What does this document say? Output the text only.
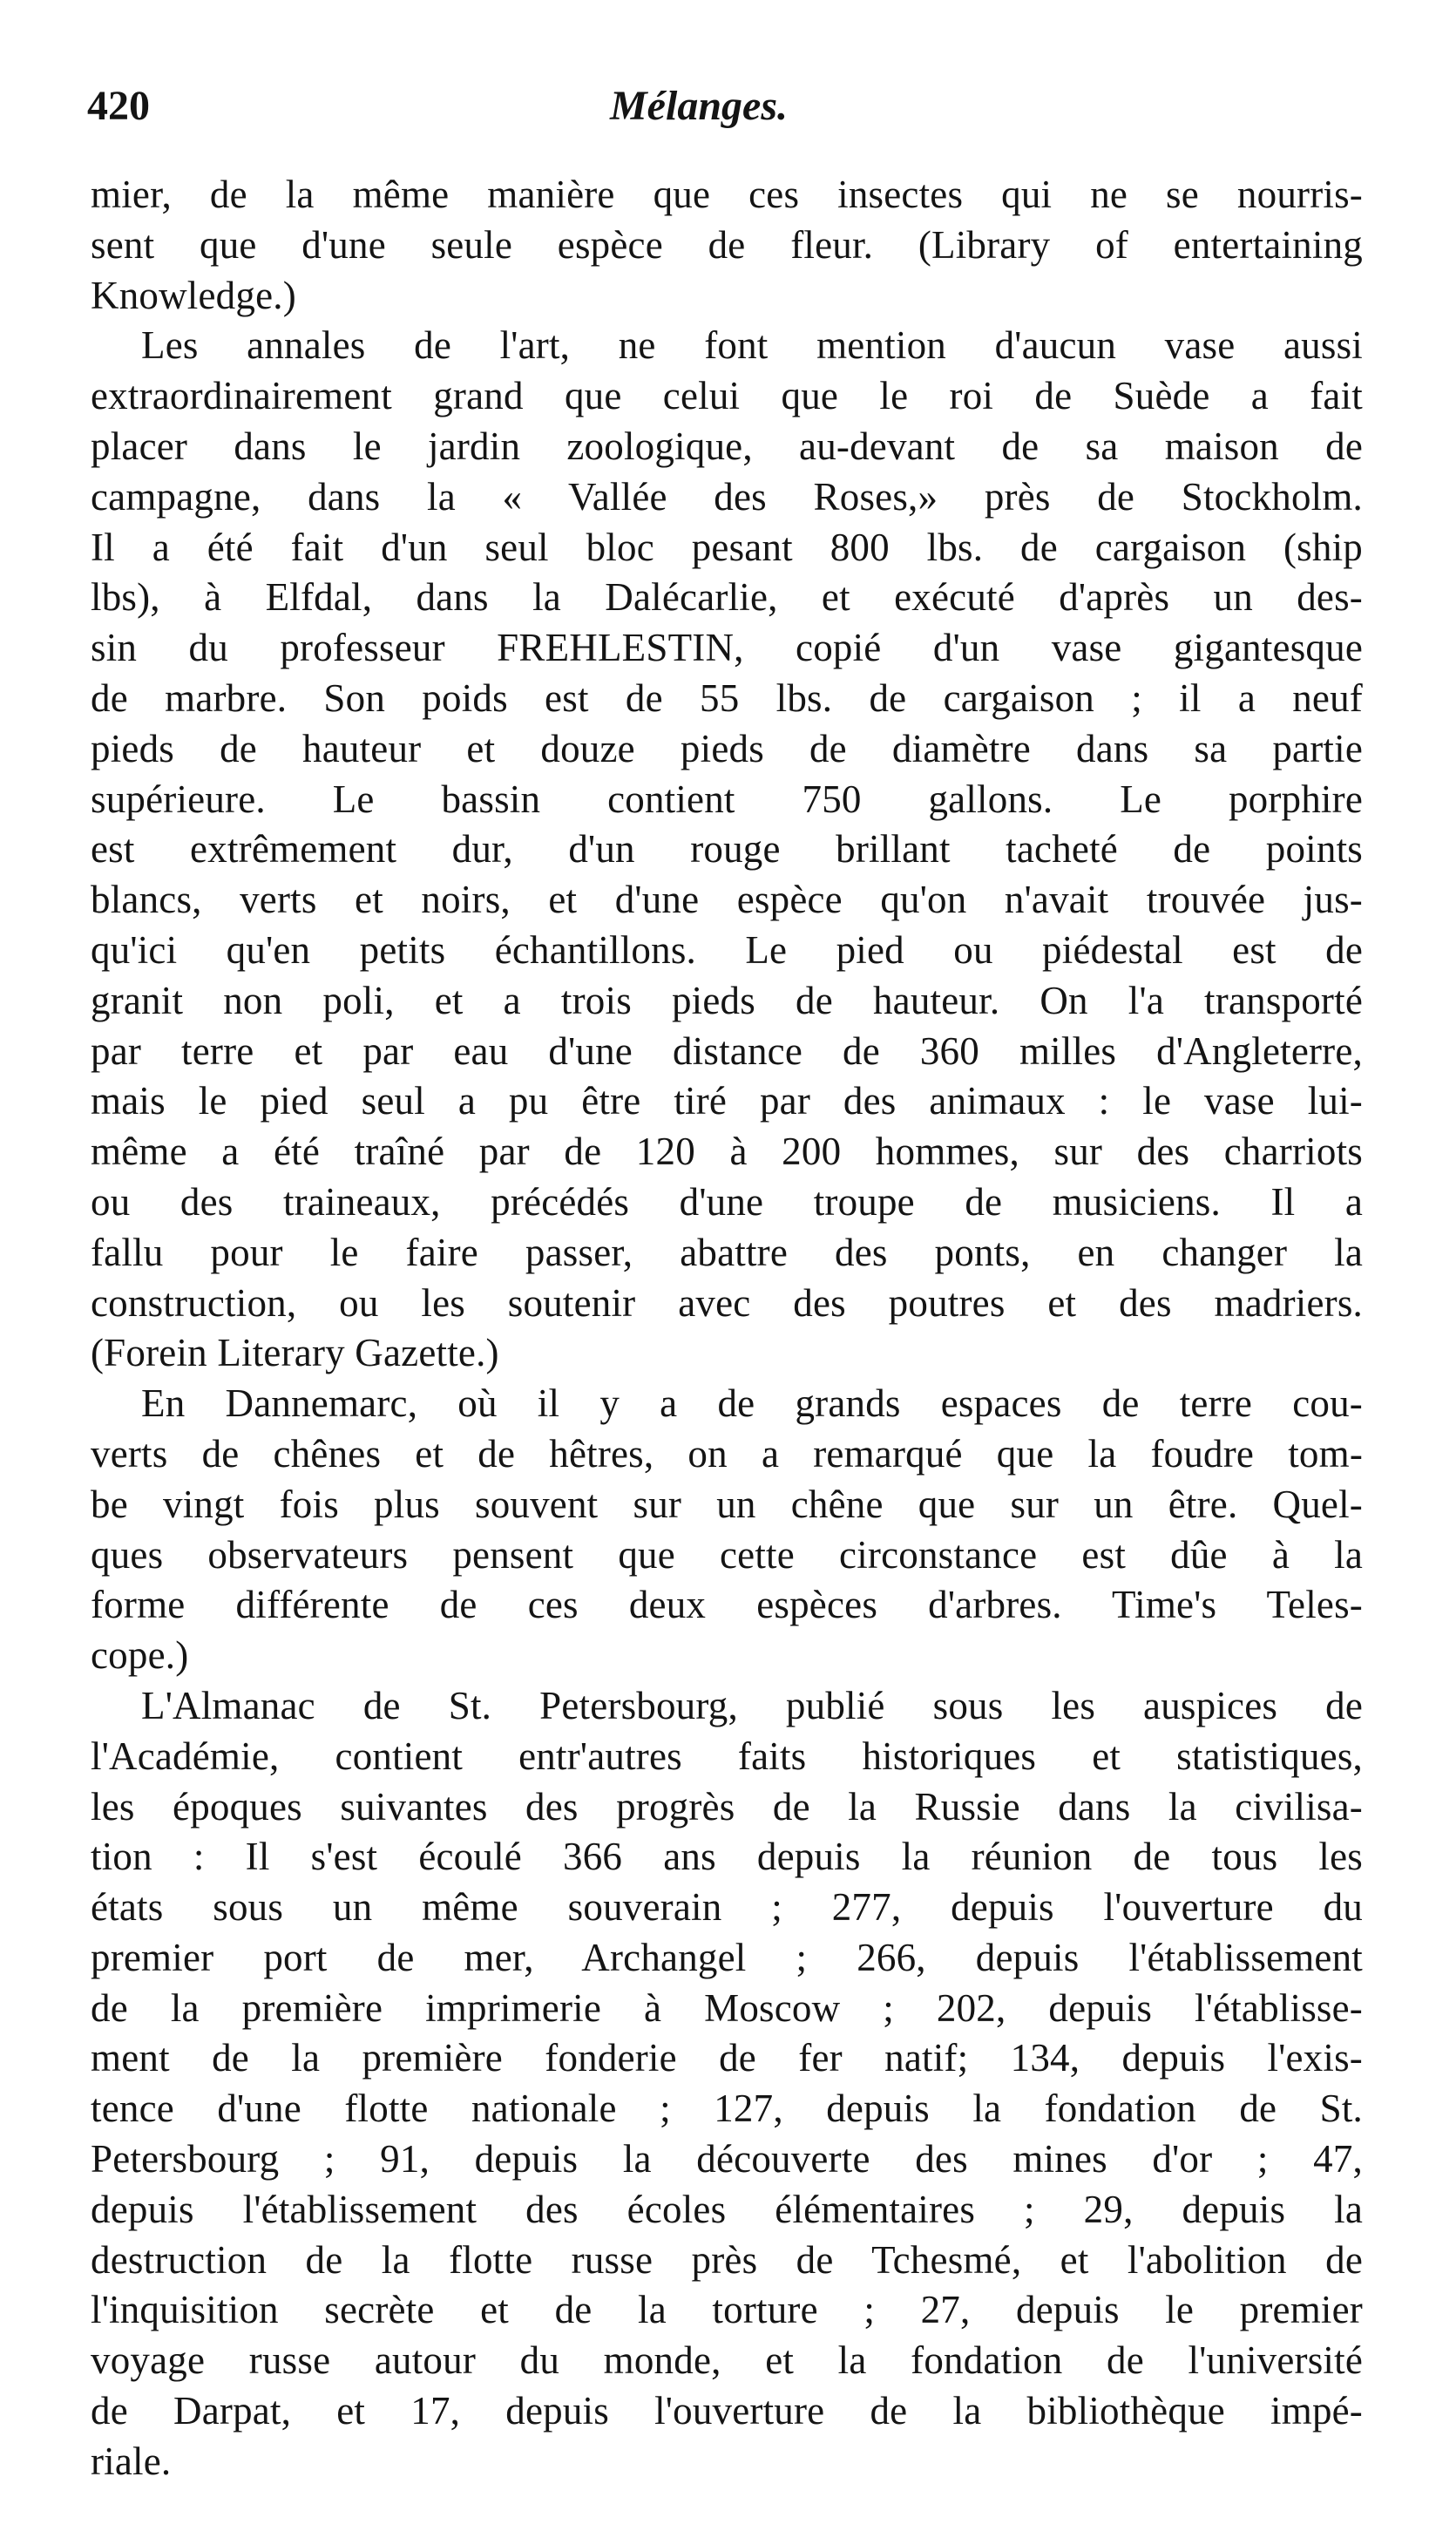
420	Mélanges.
mier, de la même manière que ces insectes qui ne se nourris-
sent que d'une seule espèce de fleur. (Library of entertaining
Knowledge.)
Les annales de l'art, ne font mention d'aucun vase aussi
extraordinairement grand que celui que le roi de Suède a fait
placer dans le jardin zoologique, au-devant de sa maison de
campagne, dans la « Vallée des Roses,» près de Stockholm.
Il a été fait d'un seul bloc pesant 800 lbs. de cargaison (ship
lbs), à Elfdal, dans la Dalécarlie, et exécuté d'après un des-
sin du professeur FREHLESTIN, copié d'un vase gigantesque
de marbre. Son poids est de 55 lbs. de cargaison ; il a neuf
pieds de hauteur et douze pieds de diamètre dans sa partie
supérieure. Le bassin contient 750 gallons. Le porphire
est extrêmement dur, d'un rouge brillant tacheté de points
blancs, verts et noirs, et d'une espèce qu'on n'avait trouvée jus-
qu'ici qu'en petits échantillons. Le pied ou piédestal est de
granit non poli, et a trois pieds de hauteur. On l'a transporté
par terre et par eau d'une distance de 360 milles d'Angleterre,
mais le pied seul a pu être tiré par des animaux : le vase lui-
même a été traîné par de 120 à 200 hommes, sur des charriots
ou des traineaux, précédés d'une troupe de musiciens. Il a
fallu pour le faire passer, abattre des ponts, en changer la
construction, ou les soutenir avec des poutres et des madriers.
(Forein Literary Gazette.)
En Dannemarc, où il y a de grands espaces de terre cou-
verts de chênes et de hêtres, on a remarqué que la foudre tom-
be vingt fois plus souvent sur un chêne que sur un être. Quel-
ques observateurs pensent que cette circonstance est dûe à la
forme différente de ces deux espèces d'arbres. Time's Teles-
cope.)
L'Almanac de St. Petersbourg, publié sous les auspices de
l'Académie, contient entr'autres faits historiques et statistiques,
les époques suivantes des progrès de la Russie dans la civilisa-
tion : Il s'est écoulé 366 ans depuis la réunion de tous les
états sous un même souverain ; 277, depuis l'ouverture du
premier port de mer, Archangel ; 266, depuis l'établissement
de la première imprimerie à Moscow ; 202, depuis l'établisse-
ment de la première fonderie de fer natif; 134, depuis l'exis-
tence d'une flotte nationale ; 127, depuis la fondation de St.
Petersbourg ; 91, depuis la découverte des mines d'or ; 47,
depuis l'établissement des écoles élémentaires ; 29, depuis la
destruction de la flotte russe près de Tchesmé, et l'abolition de
l'inquisition secrète et de la torture ; 27, depuis le premier
voyage russe autour du monde, et la fondation de l'université
de Darpat, et 17, depuis l'ouverture de la bibliothèque impé-
riale.
